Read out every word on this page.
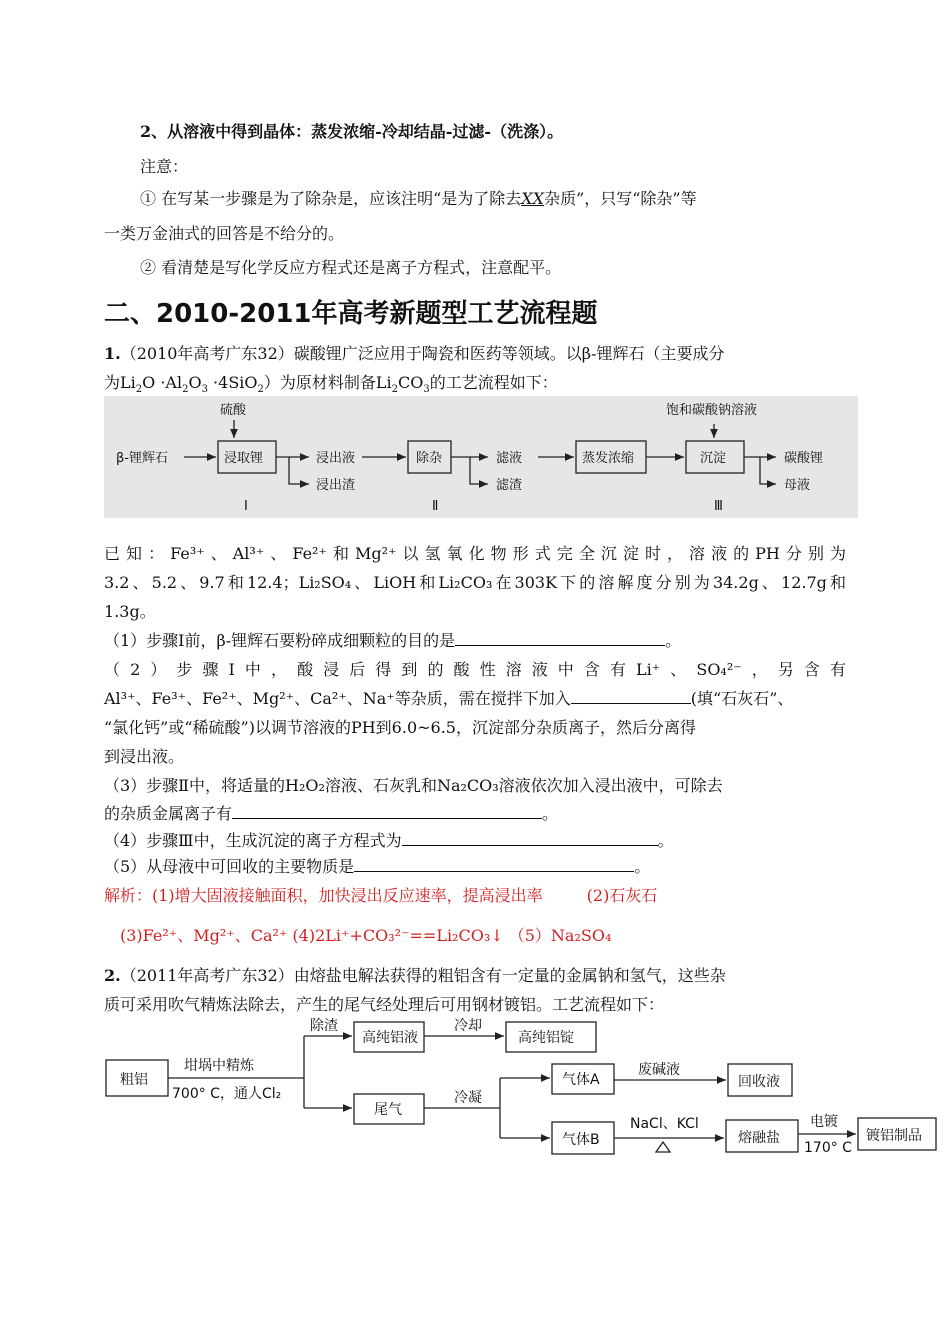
2、从溶液中得到晶体：蒸发浓缩-冷却结晶-过滤-（洗涤）。
注意：
① 在写某一步骤是为了除杂是，应该注明“是为了除去XX杂质”，只写“除杂”等
一类万金油式的回答是不给分的。
② 看清楚是写化学反应方程式还是离子方程式，注意配平。
二、2010-2011年高考新题型工艺流程题
1.（2010年高考广东32）碳酸锂广泛应用于陶瓷和医药等领域。以β-锂辉石（主要成分
为$Li_2O \cdot Al_2O_3 \cdot 4SiO_2$）为原材料制备$Li_2CO_3$的工艺流程如下：
β-锂辉石
硫酸
浸取锂	浸出液
浸出渣
除杂	滤液
滤渣
蒸发浓缩
饱和碳酸钠溶液
沉淀	碳酸锂
母液
Ⅰ	Ⅱ	Ⅲ
已知：Fe³⁺、Al³⁺、Fe²⁺和Mg²⁺以氢氧化物形式完全沉淀时，溶液的PH分别为
3.2、5.2、9.7和12.4；Li₂SO₄、LiOH和Li₂CO₃在303K下的溶解度分别为34.2g、12.7g和
1.3g。
（1）步骤Ⅰ前，β-锂辉石要粉碎成细颗粒的目的是	。
（2）步骤Ⅰ中，酸浸后得到的酸性溶液中含有Li⁺、SO₄²⁻，另含有
Al³⁺、Fe³⁺、Fe²⁺、Mg²⁺、Ca²⁺、Na⁺等杂质，需在搅拌下加入	(填“石灰石”、
“氯化钙”或“稀硫酸”)以调节溶液的PH到6.0~6.5，沉淀部分杂质离子，然后分离得
到浸出液。
（3）步骤Ⅱ中，将适量的H₂O₂溶液、石灰乳和Na₂CO₃溶液依次加入浸出液中，可除去
的杂质金属离子有	。
（4）步骤Ⅲ中，生成沉淀的离子方程式为	。
（5）从母液中可回收的主要物质是	。
解析：(1)增大固液接触面积，加快浸出反应速率，提高浸出率	(2)石灰石
(3)Fe²⁺、Mg²⁺、Ca²⁺ (4)2Li⁺+CO₃²⁻==Li₂CO₃↓ （5）Na₂SO₄
2.（2011年高考广东32）由熔盐电解法获得的粗铝含有一定量的金属钠和氢气，这些杂
质可采用吹气精炼法除去，产生的尾气经处理后可用钢材镀铝。工艺流程如下：
粗铝
坩埚中精炼
700° C，通人Cl₂
除渣
高纯铝液
冷却
高纯铝锭
尾气
冷凝
气体A
废碱液
回收液
气体B
NaCl、KCl
熔融盐
电镀
170° C
镀铝制品
